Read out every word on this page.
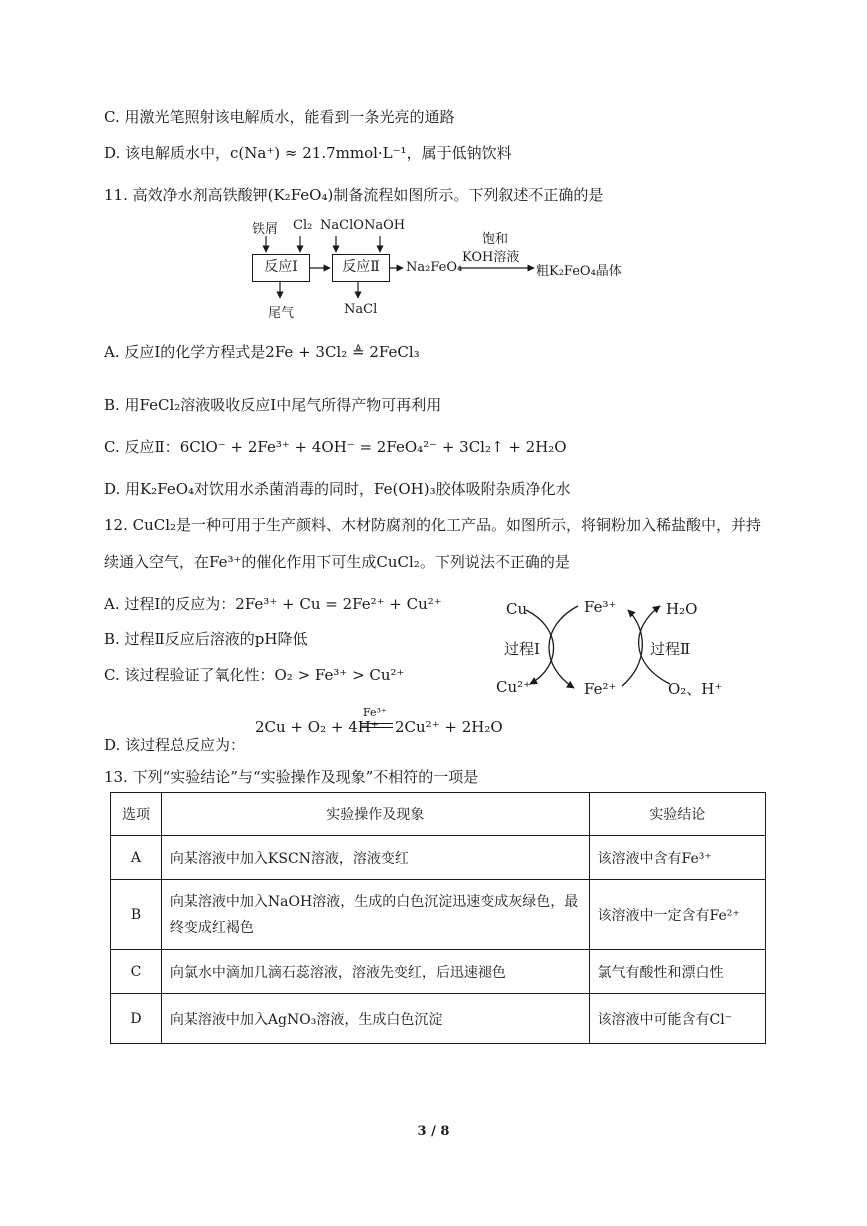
C. 用激光笔照射该电解质水，能看到一条光亮的通路
D. 该电解质水中，c(Na⁺) ≈ 21.7mmol·L⁻¹，属于低钠饮料
11. 高效净水剂高铁酸钾(K₂FeO₄)制备流程如图所示。下列叙述不正确的是
铁屑 Cl₂ NaClO NaOH
反应Ⅰ	反应Ⅱ	Na₂FeO₄
饱和
KOH溶液
粗K₂FeO₄晶体
尾气	NaCl
A. 反应Ⅰ的化学方程式是2Fe + 3Cl₂ ≜ 2FeCl₃
B. 用FeCl₂溶液吸收反应Ⅰ中尾气所得产物可再利用
C. 反应Ⅱ：6ClO⁻ + 2Fe³⁺ + 4OH⁻ = 2FeO₄²⁻ + 3Cl₂↑ + 2H₂O
D. 用K₂FeO₄对饮用水杀菌消毒的同时，Fe(OH)₃胶体吸附杂质净化水
12. CuCl₂是一种可用于生产颜料、木材防腐剂的化工产品。如图所示，将铜粉加入稀盐酸中，并持
续通入空气，在Fe³⁺的催化作用下可生成CuCl₂。下列说法不正确的是
A. 过程Ⅰ的反应为：2Fe³⁺ + Cu = 2Fe²⁺ + Cu²⁺
B. 过程Ⅱ反应后溶液的pH降低
C. 该过程验证了氧化性：O₂ > Fe³⁺ > Cu²⁺
Cu	Fe³⁺	H₂O
过程Ⅰ	过程Ⅱ
Cu²⁺	Fe²⁺	O₂、H⁺
2Cu + O₂ + 4H⁺
Fe³⁺
2Cu²⁺ + 2H₂O
D. 该过程总反应为：
13. 下列“实验结论”与“实验操作及现象”不相符的一项是
选项	实验操作及现象	实验结论
A	向某溶液中加入KSCN溶液，溶液变红	该溶液中含有Fe³⁺
B	向某溶液中加入NaOH溶液，生成的白色沉淀迅速变成灰绿色，最终变成红褐色	该溶液中一定含有Fe²⁺
C	向氯水中滴加几滴石蕊溶液，溶液先变红，后迅速褪色	氯气有酸性和漂白性
D	向某溶液中加入AgNO₃溶液，生成白色沉淀	该溶液中可能含有Cl⁻
3 / 8
